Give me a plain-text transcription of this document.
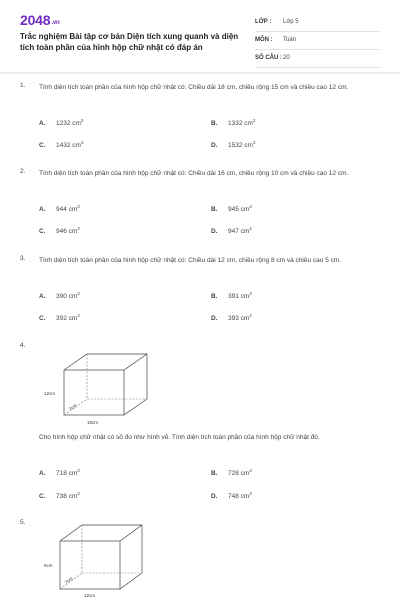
2048.vn
Trắc nghiệm Bài tập cơ bản Diện tích xung quanh và diện tích toàn phần của hình hộp chữ nhật có đáp án
LỚP : Lớp 5
MÔN : Toán
SỐ CÂU : 20
1. Tính diện tích toàn phần của hình hộp chữ nhật có: Chiều dài 18 cm, chiều rộng 15 cm và chiều cao 12 cm.
A. 1232 $cm^2$	B. 1332 $cm^2$
C. 1432 $cm^2$	D. 1532 $cm^2$
2. Tính diện tích toàn phần của hình hộp chữ nhật có: Chiều dài 16 cm, chiều rộng 10 cm và chiều cao 12 cm.
A. 944 $cm^2$	B. 945 $cm^2$
C. 946 $cm^2$	D. 947 $cm^2$
3. Tính diện tích toàn phần của hình hộp chữ nhật có: Chiều dài 12 cm, chiều rộng 8 cm và chiều cao 5 cm.
A. 390 $cm^2$	B. 391 $cm^2$
C. 392 $cm^2$	D. 393 $cm^2$
4.
12cm
7cm
15cm
Cho hình hộp chữ nhật có số đo như hình vẽ. Tính diện tích toàn phần của hình hộp chữ nhật đó.
A. 718 $cm^2$	B. 728 $cm^2$
C. 738 $cm^2$	D. 748 $cm^2$
5.
9cm
7cm
12cm
